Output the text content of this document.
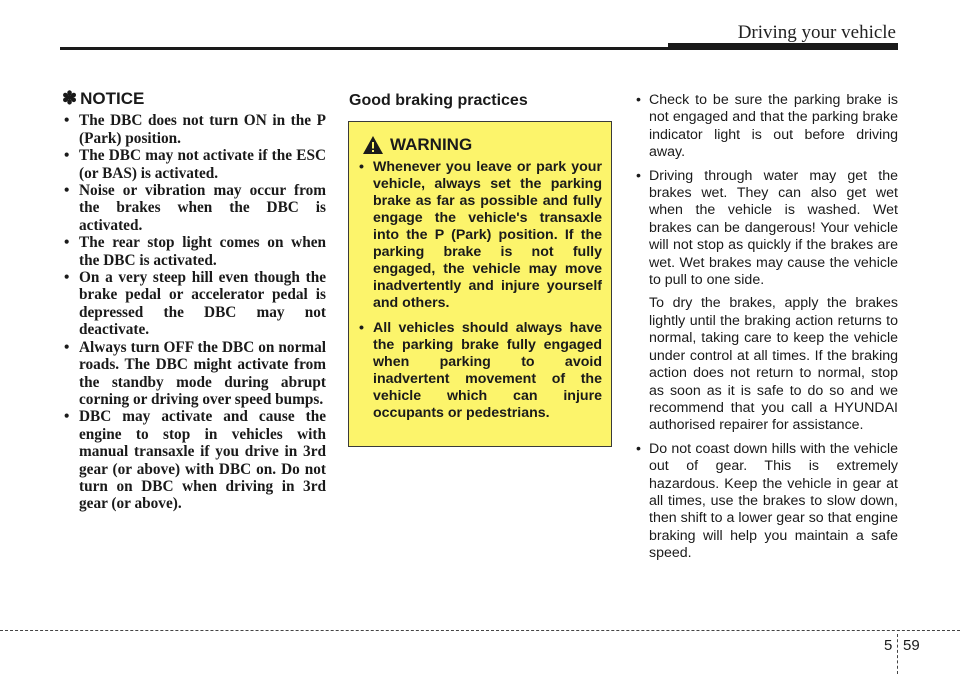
Driving your vehicle
✽ NOTICE
• The DBC does not turn ON in the P (Park) position.
• The DBC may not activate if the ESC (or BAS) is activated.
• Noise or vibration may occur from the brakes when the DBC is activated.
• The rear stop light comes on when the DBC is activated.
• On a very steep hill even though the brake pedal or accelerator pedal is depressed the DBC may not deactivate.
• Always turn OFF the DBC on normal roads. The DBC might activate from the standby mode during abrupt corning or driving over speed bumps.
• DBC may activate and cause the engine to stop in vehicles with manual transaxle if you drive in 3rd gear (or above) with DBC on. Do not turn on DBC when driving in 3rd gear (or above).
Good braking practices
WARNING
• Whenever you leave or park your vehicle, always set the parking brake as far as possible and fully engage the vehicle's transaxle into the P (Park) position. If the parking brake is not fully engaged, the vehicle may move inadvertently and injure yourself and others.
• All vehicles should always have the parking brake fully engaged when parking to avoid inadvertent movement of the vehicle which can injure occupants or pedestrians.
• Check to be sure the parking brake is not engaged and that the parking brake indicator light is out before driving away.
• Driving through water may get the brakes wet. They can also get wet when the vehicle is washed. Wet brakes can be dangerous! Your vehicle will not stop as quickly if the brakes are wet. Wet brakes may cause the vehicle to pull to one side.

To dry the brakes, apply the brakes lightly until the braking action returns to normal, taking care to keep the vehicle under control at all times. If the braking action does not return to normal, stop as soon as it is safe to do so and we recommend that you call a HYUNDAI authorised repairer for assistance.

• Do not coast down hills with the vehicle out of gear. This is extremely hazardous. Keep the vehicle in gear at all times, use the brakes to slow down, then shift to a lower gear so that engine braking will help you maintain a safe speed.
5 59
